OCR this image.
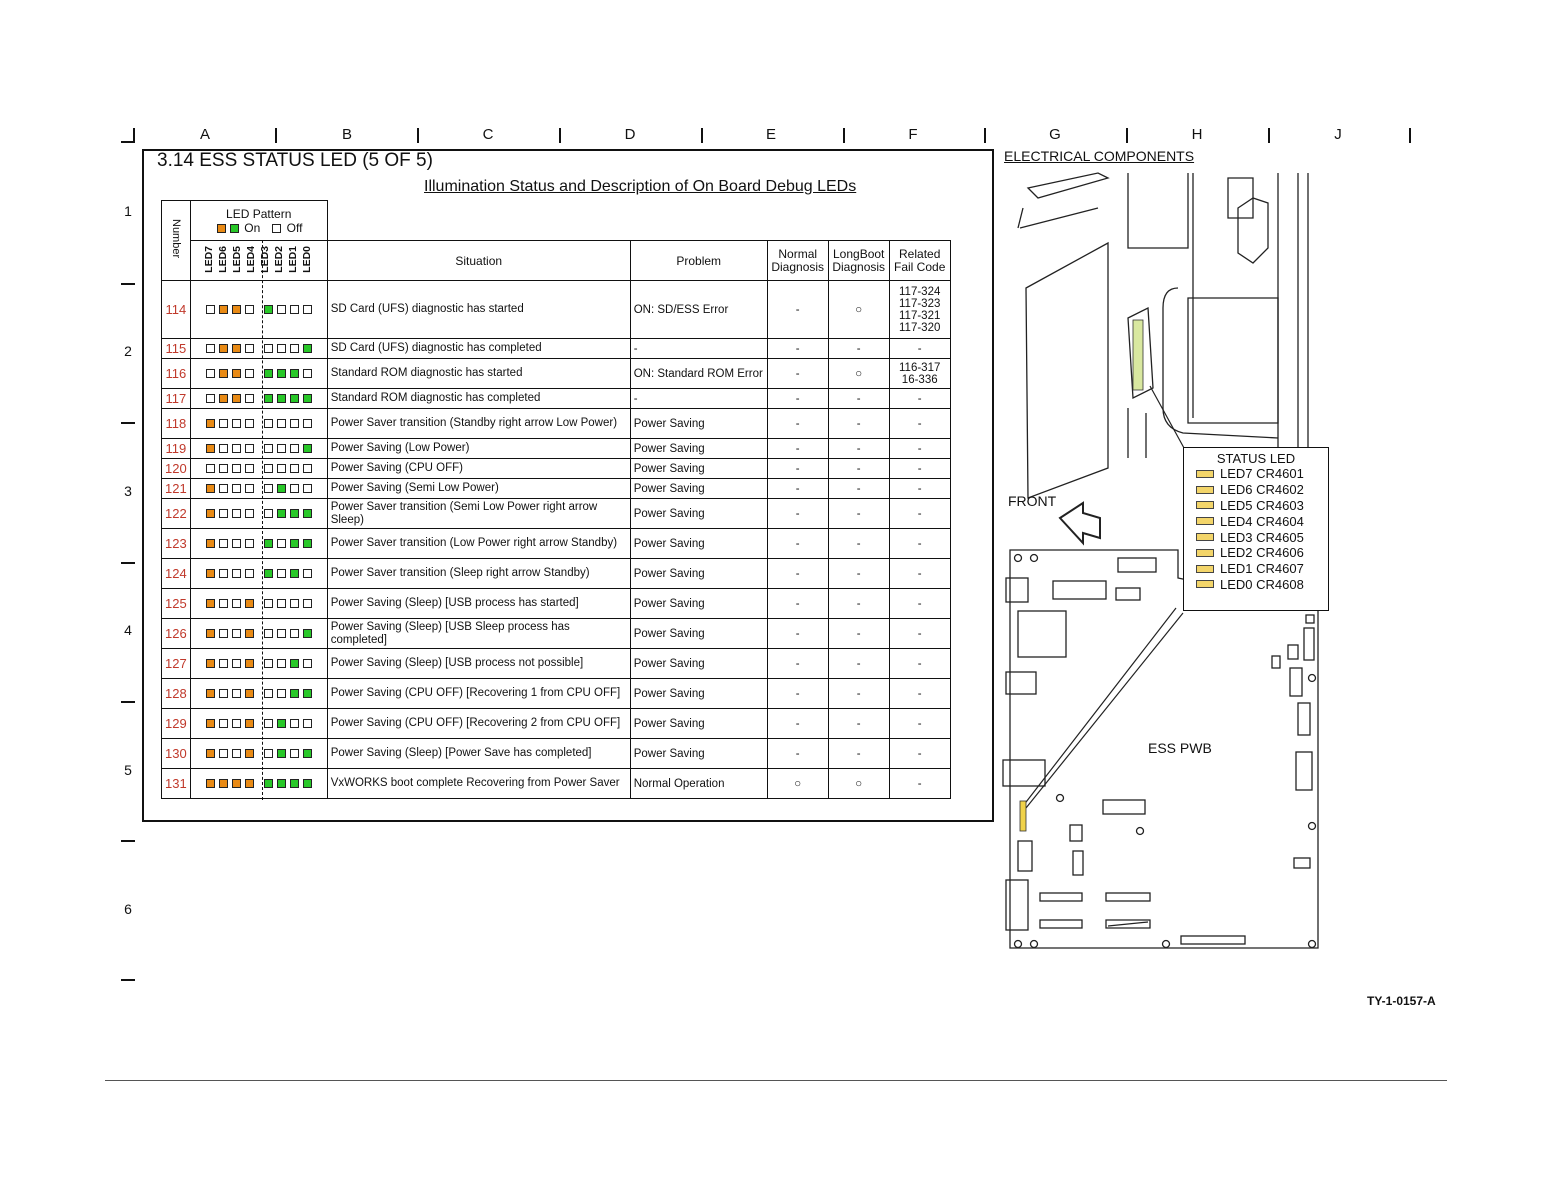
A	B	C	D	E	F	G	H	J
1
2
3
4
5
6
3.14 ESS STATUS LED (5 OF 5)
Illumination Status and Description of On Board Debug LEDs
Number	LED Pattern
On Off					

	LED7 LED6 LED5 LED4 LED3 LED2 LED1 LED0	Situation	Problem	Normal Diagnosis	LongBoot Diagnosis	Related Fail Code
114		SD Card (UFS) diagnostic has started	ON: SD/ESS Error	-	○	117-324 117-323 117-321 117-320
115		SD Card (UFS) diagnostic has completed	-	-	-	-
116		Standard ROM diagnostic has started	ON: Standard ROM Error	-	○	116-317 16-336
117		Standard ROM diagnostic has completed	-	-	-	-
118		Power Saver transition (Standby right arrow Low Power)	Power Saving	-	-	-
119		Power Saving (Low Power)	Power Saving	-	-	-
120		Power Saving (CPU OFF)	Power Saving	-	-	-
121		Power Saving (Semi Low Power)	Power Saving	-	-	-
122		Power Saver transition (Semi Low Power right arrow Sleep)	Power Saving	-	-	-
123		Power Saver transition (Low Power right arrow Standby)	Power Saving	-	-	-
124		Power Saver transition (Sleep right arrow Standby)	Power Saving	-	-	-
125		Power Saving (Sleep) [USB process has started]	Power Saving	-	-	-
126		Power Saving (Sleep) [USB Sleep process has completed]	Power Saving	-	-	-
127		Power Saving (Sleep) [USB process not possible]	Power Saving	-	-	-
128		Power Saving (CPU OFF) [Recovering 1 from CPU OFF]	Power Saving	-	-	-
129		Power Saving (CPU OFF) [Recovering 2 from CPU OFF]	Power Saving	-	-	-
130		Power Saving (Sleep) [Power Save has completed]	Power Saving	-	-	-
131		VxWORKS boot complete Recovering from Power Saver	Normal Operation	○	○	-
ELECTRICAL COMPONENTS
FRONT
ESS PWB
STATUS LED
LED7 CR4601
LED6 CR4602
LED5 CR4603
LED4 CR4604
LED3 CR4605
LED2 CR4606
LED1 CR4607
LED0 CR4608
TY-1-0157-A
